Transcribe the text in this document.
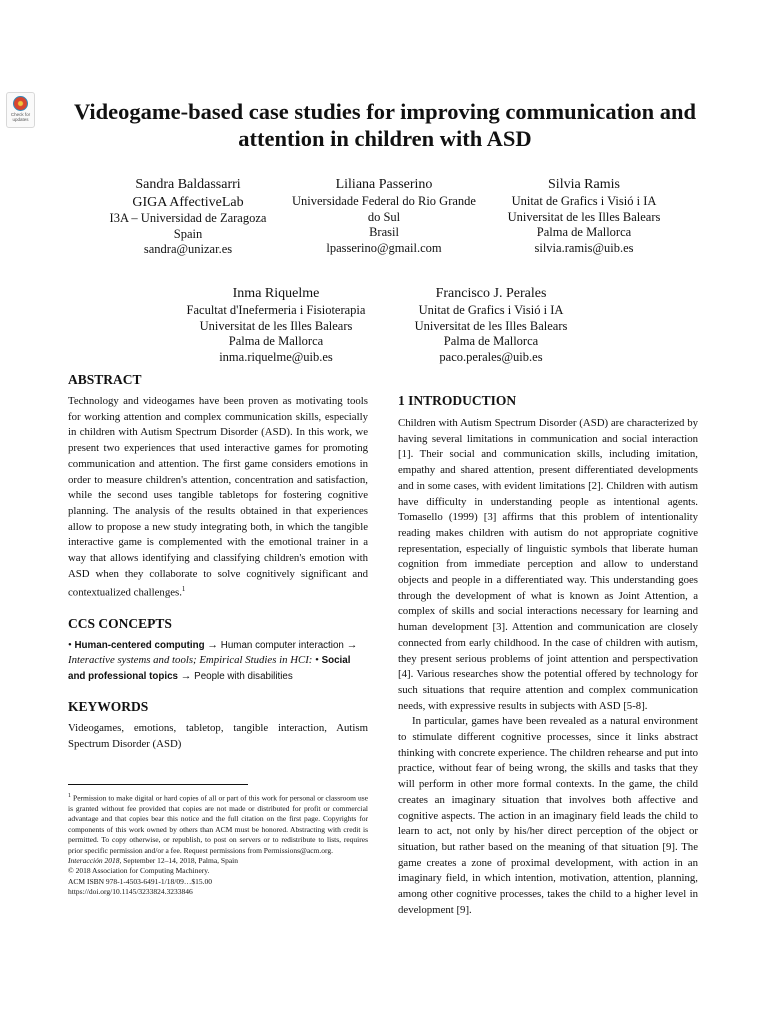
Check for updates	Videogame-based case studies for improving communication and attention in children with ASD
Sandra Baldassarri
GIGA AffectiveLab
I3A – Universidad de Zaragoza
Spain
sandra@unizar.es
Liliana Passerino
Universidade Federal do Rio Grande
do Sul
Brasil
lpasserino@gmail.com
Silvia Ramis
Unitat de Grafics i Visió i IA
Universitat de les Illes Balears
Palma de Mallorca
silvia.ramis@uib.es
Inma Riquelme
Facultat d'Inefermeria i Fisioterapia
Universitat de les Illes Balears
Palma de Mallorca
inma.riquelme@uib.es
Francisco J. Perales
Unitat de Grafics i Visió i IA
Universitat de les Illes Balears
Palma de Mallorca
paco.perales@uib.es
ABSTRACT

Technology and videogames have been proven as motivating tools for working attention and complex communication skills, especially in children with Autism Spectrum Disorder (ASD). In this work, we present two experiences that used interactive games for promoting communication and attention. The first game considers emotions in order to measure children's attention, concentration and satisfaction, while the second uses tangible tabletops for fostering cognitive planning. The analysis of the results obtained in that experiences allow to propose a new study integrating both, in which the tangible interactive game is complemented with the emotional trainer in a way that allows identifying and classifying children's emotion with ASD when they collaborate to solve cognitively significant and contextualized challenges.$^1$

CCS CONCEPTS

• Human-centered computing → Human computer interaction → Interactive systems and tools; Empirical Studies in HCI: • Social and professional topics → People with disabilities

KEYWORDS

Videogames, emotions, tabletop, tangible interaction, Autism Spectrum Disorder (ASD)

$^1$ Permission to make digital or hard copies of all or part of this work for personal or classroom use is granted without fee provided that copies are not made or distributed for profit or commercial advantage and that copies bear this notice and the full citation on the first page. Copyrights for components of this work owned by others than ACM must be honored. Abstracting with credit is permitted. To copy otherwise, or republish, to post on servers or to redistribute to lists, requires prior specific permission and/or a fee. Request permissions from Permissions@acm.org.
Interacción 2018, September 12–14, 2018, Palma, Spain
© 2018 Association for Computing Machinery.
ACM ISBN 978-1-4503-6491-1/18/09…$15.00
https://doi.org/10.1145/3233824.3233846
1 INTRODUCTION

Children with Autism Spectrum Disorder (ASD) are characterized by having several limitations in communication and social interaction [1]. Their social and communication skills, including imitation, empathy and shared attention, present differentiated developments and in some cases, with evident limitations [2]. Children with autism have difficulty in understanding people as intentional agents. Tomasello (1999) [3] affirms that this problem of intentionality reading makes children with autism do not appropriate cognitive representation, especially of linguistic symbols that liberate human cognition from immediate perception and allow to understand objects and people in a differentiated way. This understanding goes through the development of what is known as Joint Attention, a complex of skills and social interactions necessary for learning and human development [3]. Attention and communication are closely connected from early childhood. In the case of children with autism, they present serious problems of joint attention and perspectivation [4]. Various researches show the potential offered by technology for such situations that require attention and complex communication needs, with expressive results in subjects with ASD [5-8].

In particular, games have been revealed as a natural environment to stimulate different cognitive processes, since it links abstract thinking with concrete experience. The children rehearse and put into practice, without fear of being wrong, the skills and tasks that they will perform in other more formal contexts. In the game, the child creates an imaginary situation that involves both affective and cognitive aspects. The action in an imaginary field leads the child to learn to act, not only by his/her direct perception of the object or situation, but rather based on the meaning of that situation [9]. The game creates a zone of proximal development, with action in an imaginary field, in which intention, motivation, attention, planning, among other cognitive processes, takes the child to a higher level in development [9].
